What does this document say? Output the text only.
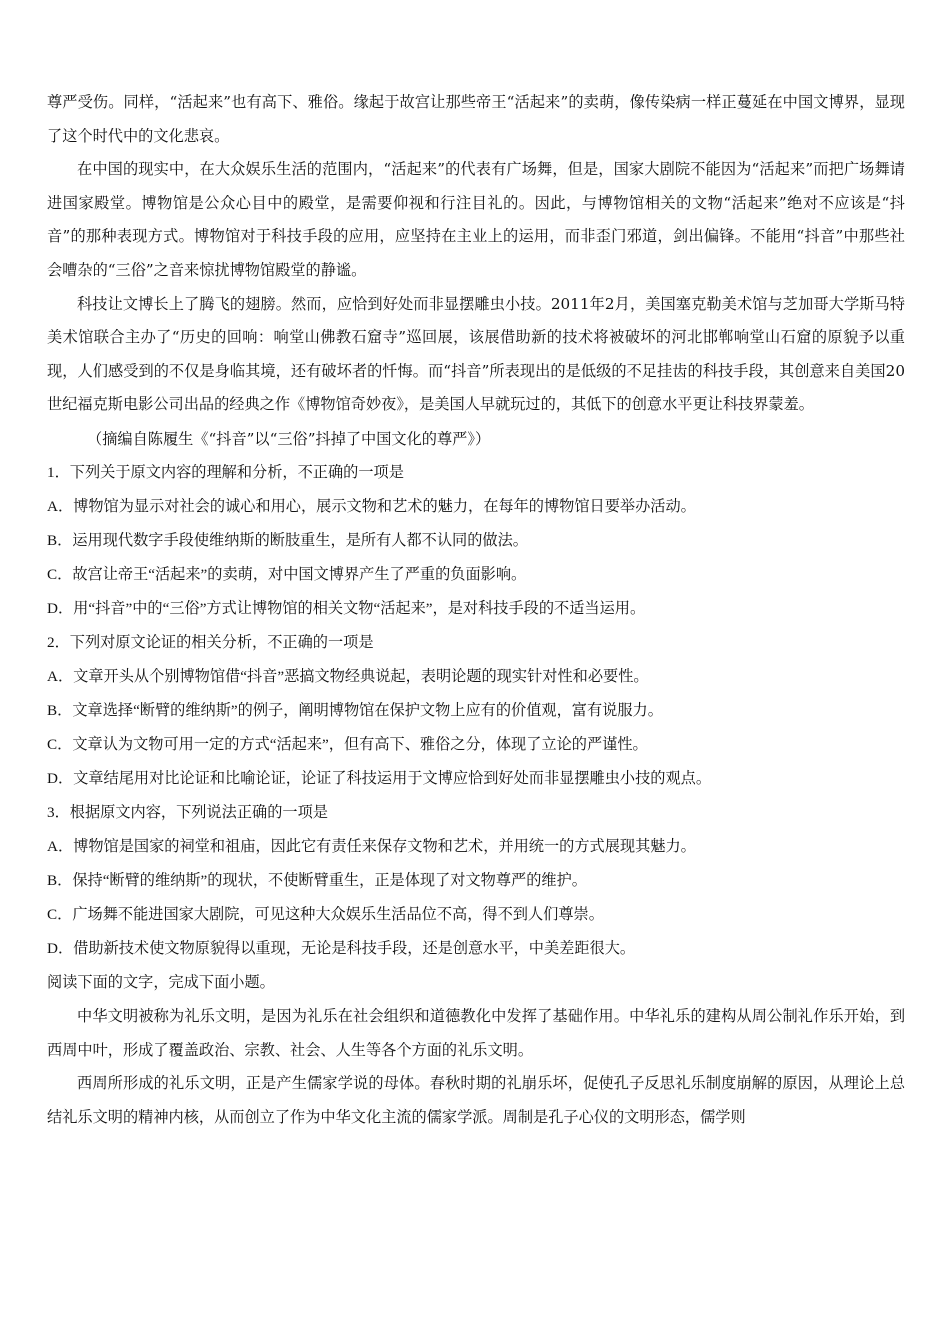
尊严受伤。同样，“活起来”也有高下、雅俗。缘起于故宫让那些帝王“活起来”的卖萌，像传染病一样正蔓延在中国文博界，显现了这个时代中的文化悲哀。

在中国的现实中，在大众娱乐生活的范围内，“活起来”的代表有广场舞，但是，国家大剧院不能因为“活起来”而把广场舞请进国家殿堂。博物馆是公众心目中的殿堂，是需要仰视和行注目礼的。因此，与博物馆相关的文物“活起来”绝对不应该是“抖音”的那种表现方式。博物馆对于科技手段的应用，应坚持在主业上的运用，而非歪门邪道，剑出偏锋。不能用“抖音”中那些社会嘈杂的“三俗”之音来惊扰博物馆殿堂的静谧。

科技让文博长上了腾飞的翅膀。然而，应恰到好处而非显摆雕虫小技。2011年2月，美国塞克勒美术馆与芝加哥大学斯马特美术馆联合主办了“历史的回响：响堂山佛教石窟寺”巡回展，该展借助新的技术将被破坏的河北邯郸响堂山石窟的原貌予以重现，人们感受到的不仅是身临其境，还有破坏者的忏悔。而“抖音”所表现出的是低级的不足挂齿的科技手段，其创意来自美国20世纪福克斯电影公司出品的经典之作《博物馆奇妙夜》，是美国人早就玩过的，其低下的创意水平更让科技界蒙羞。

（摘编自陈履生《“抖音”以“三俗”抖掉了中国文化的尊严》）

1．下列关于原文内容的理解和分析，不正确的一项是

A．博物馆为显示对社会的诚心和用心，展示文物和艺术的魅力，在每年的博物馆日要举办活动。

B．运用现代数字手段使维纳斯的断肢重生，是所有人都不认同的做法。

C．故宫让帝王“活起来”的卖萌，对中国文博界产生了严重的负面影响。

D．用“抖音”中的“三俗”方式让博物馆的相关文物“活起来”，是对科技手段的不适当运用。

2．下列对原文论证的相关分析，不正确的一项是

A．文章开头从个别博物馆借“抖音”恶搞文物经典说起，表明论题的现实针对性和必要性。

B．文章选择“断臂的维纳斯”的例子，阐明博物馆在保护文物上应有的价值观，富有说服力。

C．文章认为文物可用一定的方式“活起来”，但有高下、雅俗之分，体现了立论的严谨性。

D．文章结尾用对比论证和比喻论证，论证了科技运用于文博应恰到好处而非显摆雕虫小技的观点。

3．根据原文内容，下列说法正确的一项是

A．博物馆是国家的祠堂和祖庙，因此它有责任来保存文物和艺术，并用统一的方式展现其魅力。

B．保持“断臂的维纳斯”的现状，不使断臂重生，正是体现了对文物尊严的维护。

C．广场舞不能进国家大剧院，可见这种大众娱乐生活品位不高，得不到人们尊崇。

D．借助新技术使文物原貌得以重现，无论是科技手段，还是创意水平，中美差距很大。

阅读下面的文字，完成下面小题。

中华文明被称为礼乐文明，是因为礼乐在社会组织和道德教化中发挥了基础作用。中华礼乐的建构从周公制礼作乐开始，到西周中叶，形成了覆盖政治、宗教、社会、人生等各个方面的礼乐文明。

西周所形成的礼乐文明，正是产生儒家学说的母体。春秋时期的礼崩乐坏，促使孔子反思礼乐制度崩解的原因，从理论上总结礼乐文明的精神内核，从而创立了作为中华文化主流的儒家学派。周制是孔子心仪的文明形态，儒学则
